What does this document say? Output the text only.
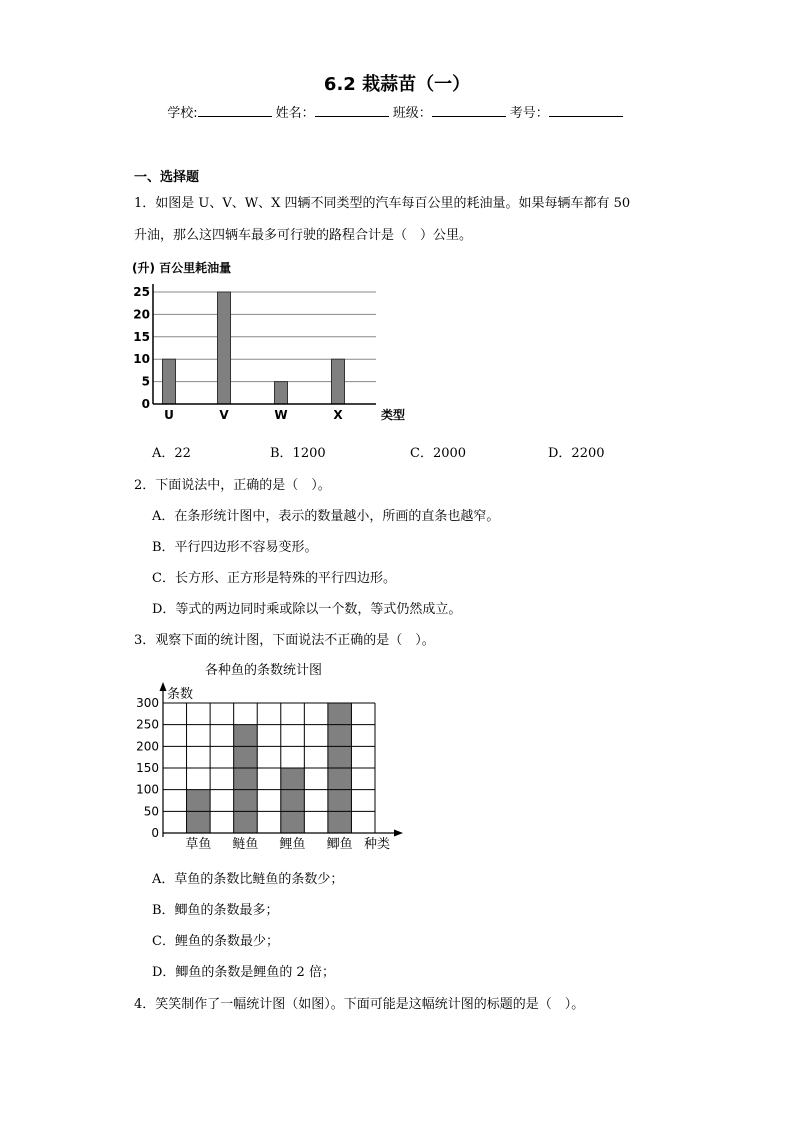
6.2 栽蒜苗（一）
学校:	姓名：	班级：	考号：
一、选择题
1．如图是 U、V、W、X 四辆不同类型的汽车每百公里的耗油量。如果每辆车都有 50
升油，那么这四辆车最多可行驶的路程合计是（　）公里。
0
5
10
15
20
25
U	V	W	X
(升) 百公里耗油量
类型
A．22	B．1200	C．2000	D．2200
2．下面说法中，正确的是（　）。
A．在条形统计图中，表示的数量越小，所画的直条也越窄。
B．平行四边形不容易变形。
C．长方形、正方形是特殊的平行四边形。
D．等式的两边同时乘或除以一个数，等式仍然成立。
3．观察下面的统计图，下面说法不正确的是（　）。
各种鱼的条数统计图
条数
0
50
100
150
200
250
300
草鱼 鲢鱼 鲤鱼 鲫鱼 种类
A．草鱼的条数比鲢鱼的条数少；
B．鲫鱼的条数最多；
C．鲤鱼的条数最少；
D．鲫鱼的条数是鲤鱼的 2 倍；
4．笑笑制作了一幅统计图（如图）。下面可能是这幅统计图的标题的是（　）。
